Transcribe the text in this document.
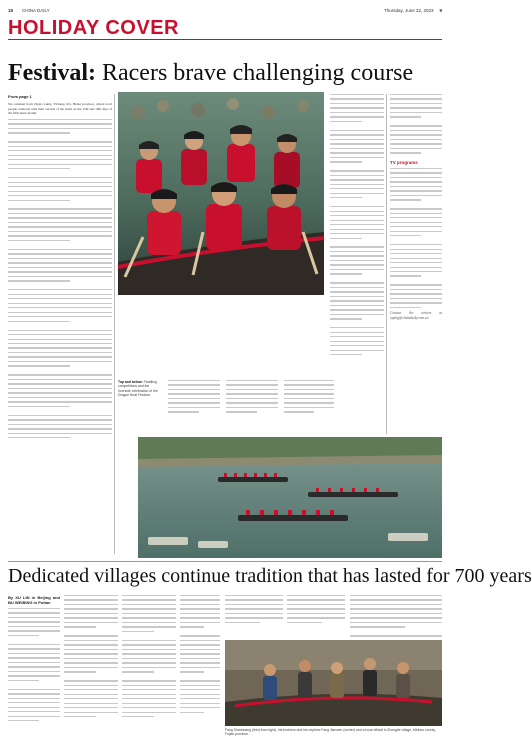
18 CHINA DAILY	Thursday, June 22, 2023 9
HOLIDAY COVER
Festival: Racers brave challenging course
From page 1
Six oarsmen from Zigui county, Yichang city, Hubei province, where local people celebrate with their version of the ritual on the 15th and 16th days of the fifth lunar month.
Top and below: Paddling competitions and the riverside celebration of the Dragon Boat Festival.
TV programs
Contact the writers at xujing@chinadaily.com.cn
Dedicated villages continue tradition that has lasted for 700 years
By XU LIN in Beijing and BU WEIBING in Putian
Fang Shaohuang (third from right), his brothers and his nephew Fang Jianwen (center) and a local official in Zhongtie village, Minhou county, Fujian province.
